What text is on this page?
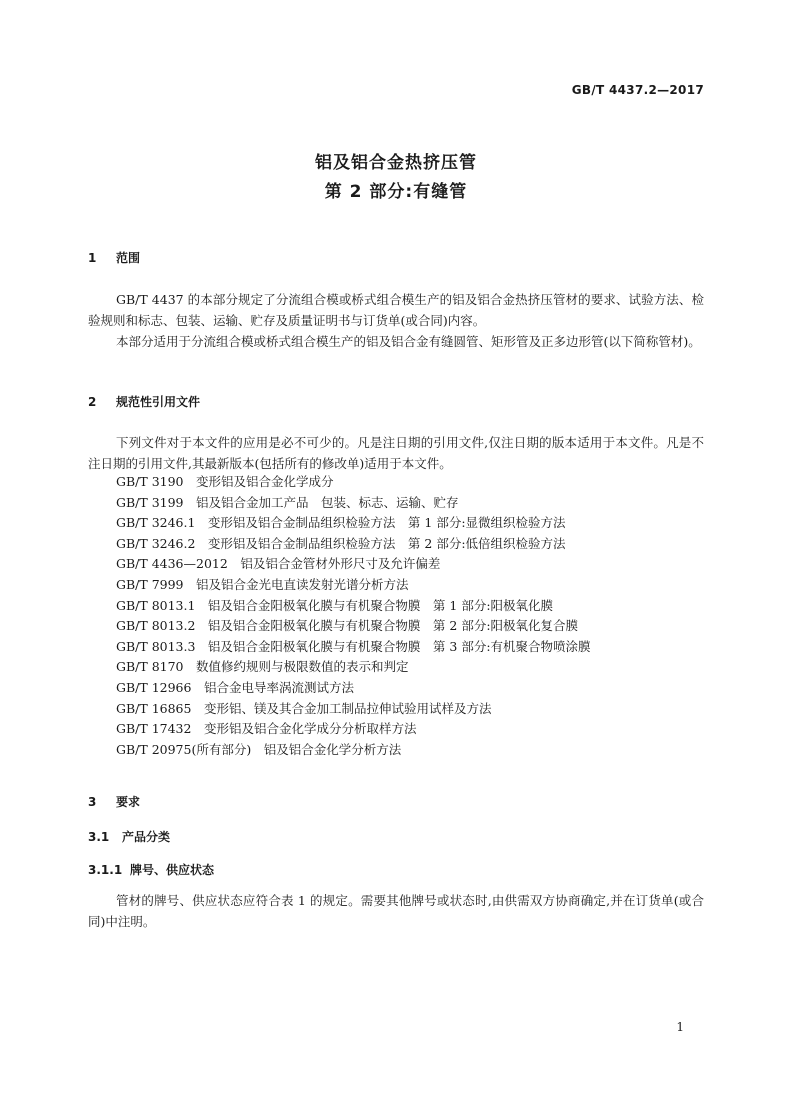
GB/T 4437.2—2017
铝及铝合金热挤压管
第 2 部分:有缝管
1 范围
GB/T 4437 的本部分规定了分流组合模或桥式组合模生产的铝及铝合金热挤压管材的要求、试验方法、检验规则和标志、包装、运输、贮存及质量证明书与订货单(或合同)内容。
本部分适用于分流组合模或桥式组合模生产的铝及铝合金有缝圆管、矩形管及正多边形管(以下简称管材)。
2 规范性引用文件
下列文件对于本文件的应用是必不可少的。凡是注日期的引用文件,仅注日期的版本适用于本文件。凡是不注日期的引用文件,其最新版本(包括所有的修改单)适用于本文件。
GB/T 3190　变形铝及铝合金化学成分
GB/T 3199　铝及铝合金加工产品　包装、标志、运输、贮存
GB/T 3246.1　变形铝及铝合金制品组织检验方法　第 1 部分:显微组织检验方法
GB/T 3246.2　变形铝及铝合金制品组织检验方法　第 2 部分:低倍组织检验方法
GB/T 4436—2012　铝及铝合金管材外形尺寸及允许偏差
GB/T 7999　铝及铝合金光电直读发射光谱分析方法
GB/T 8013.1　铝及铝合金阳极氧化膜与有机聚合物膜　第 1 部分:阳极氧化膜
GB/T 8013.2　铝及铝合金阳极氧化膜与有机聚合物膜　第 2 部分:阳极氧化复合膜
GB/T 8013.3　铝及铝合金阳极氧化膜与有机聚合物膜　第 3 部分:有机聚合物喷涂膜
GB/T 8170　数值修约规则与极限数值的表示和判定
GB/T 12966　铝合金电导率涡流测试方法
GB/T 16865　变形铝、镁及其合金加工制品拉伸试验用试样及方法
GB/T 17432　变形铝及铝合金化学成分分析取样方法
GB/T 20975(所有部分)　铝及铝合金化学分析方法
3 要求
3.1 产品分类
3.1.1 牌号、供应状态
管材的牌号、供应状态应符合表 1 的规定。需要其他牌号或状态时,由供需双方协商确定,并在订货单(或合同)中注明。
1
